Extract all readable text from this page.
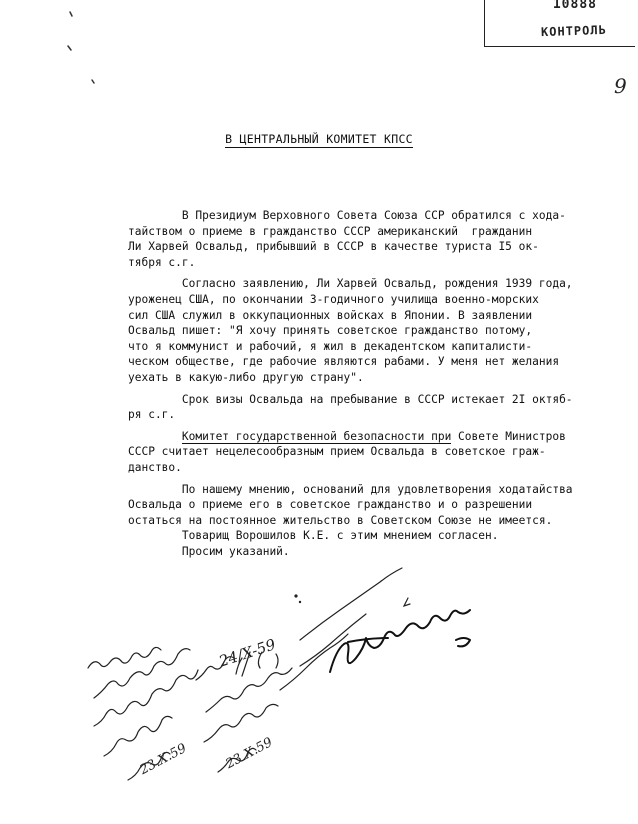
10888
КОНТРОЛЬ
9
В ЦЕНТРАЛЬНЫЙ КОМИТЕТ КПСС
В Президиум Верховного Совета Союза ССР обратился с хода-
тайством о приеме в гражданство СССР американский  гражданин
Ли Харвей Освальд, прибывший в СССР в качестве туриста I5 ок-
тября с.г.
Согласно заявлению, Ли Харвей Освальд, рождения 1939 года,
уроженец США, по окончании 3-годичного училища военно-морских
сил США служил в оккупационных войсках в Японии. В заявлении
Освальд пишет: "Я хочу принять советское гражданство потому,
что я коммунист и рабочий, я жил в декадентском капиталисти-
ческом обществе, где рабочие являются рабами. У меня нет желания
уехать в какую-либо другую страну".
Срок визы Освальда на пребывание в СССР истекает 2I октяб-
ря с.г.
Комитет государственной безопасности при Совете Министров
СССР считает нецелесообразным прием Освальда в советское граж-
данство.
По нашему мнению, оснований для удовлетворения ходатайства
Освальда о приеме его в советское гражданство и о разрешении
остаться на постоянное жительство в Советском Союзе не имеется.
Товарищ Ворошилов К.Е. с этим мнением согласен.
Просим указаний.
24/X-59
23.X.59	23.X.59
